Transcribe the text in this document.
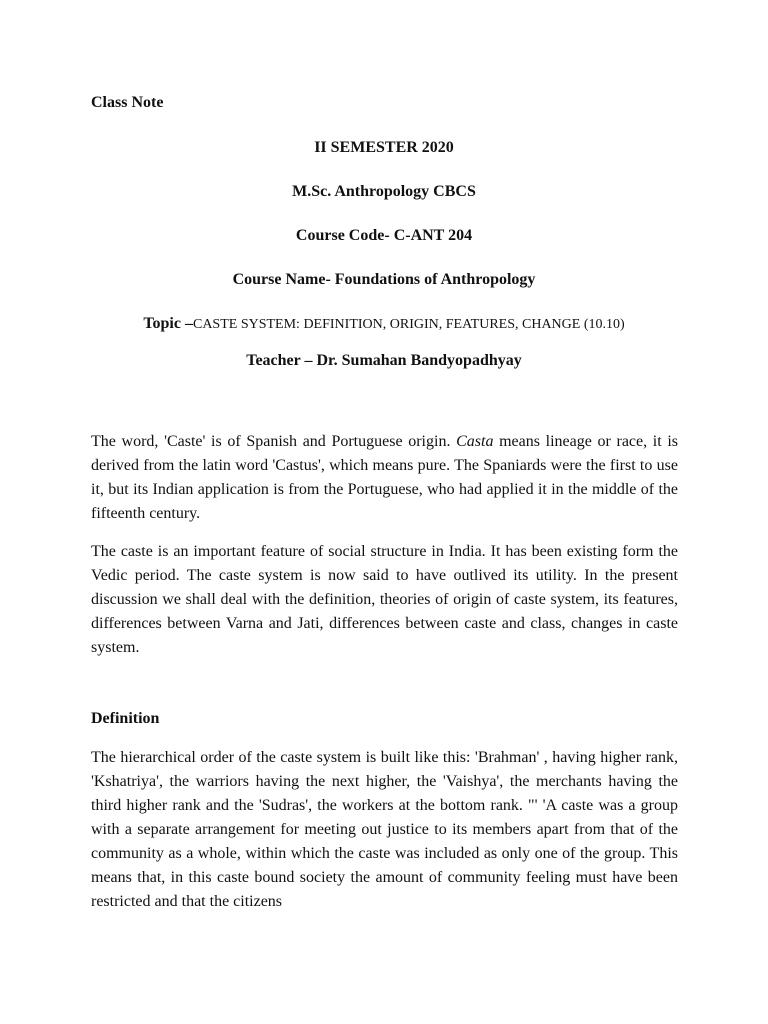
Class Note

II SEMESTER 2020

M.Sc. Anthropology CBCS

Course Code- C-ANT 204

Course Name- Foundations of Anthropology

Topic –CASTE SYSTEM: DEFINITION, ORIGIN, FEATURES, CHANGE (10.10)

Teacher – Dr. Sumahan Bandyopadhyay

The word, 'Caste' is of Spanish and Portuguese origin. Casta means lineage or race, it is derived from the latin word 'Castus', which means pure. The Spaniards were the first to use it, but its Indian application is from the Portuguese, who had applied it in the middle of the fifteenth century.

The caste is an important feature of social structure in India. It has been existing form the Vedic period. The caste system is now said to have outlived its utility. In the present discussion we shall deal with the definition, theories of origin of caste system, its features, differences between Varna and Jati, differences between caste and class, changes in caste system.

Definition

The hierarchical order of the caste system is built like this: 'Brahman' , having higher rank, 'Kshatriya', the warriors having the next higher, the 'Vaishya', the merchants having the third higher rank and the 'Sudras', the workers at the bottom rank. "' 'A caste was a group with a separate arrangement for meeting out justice to its members apart from that of the community as a whole, within which the caste was included as only one of the group. This means that, in this caste bound society the amount of community feeling must have been restricted and that the citizens
